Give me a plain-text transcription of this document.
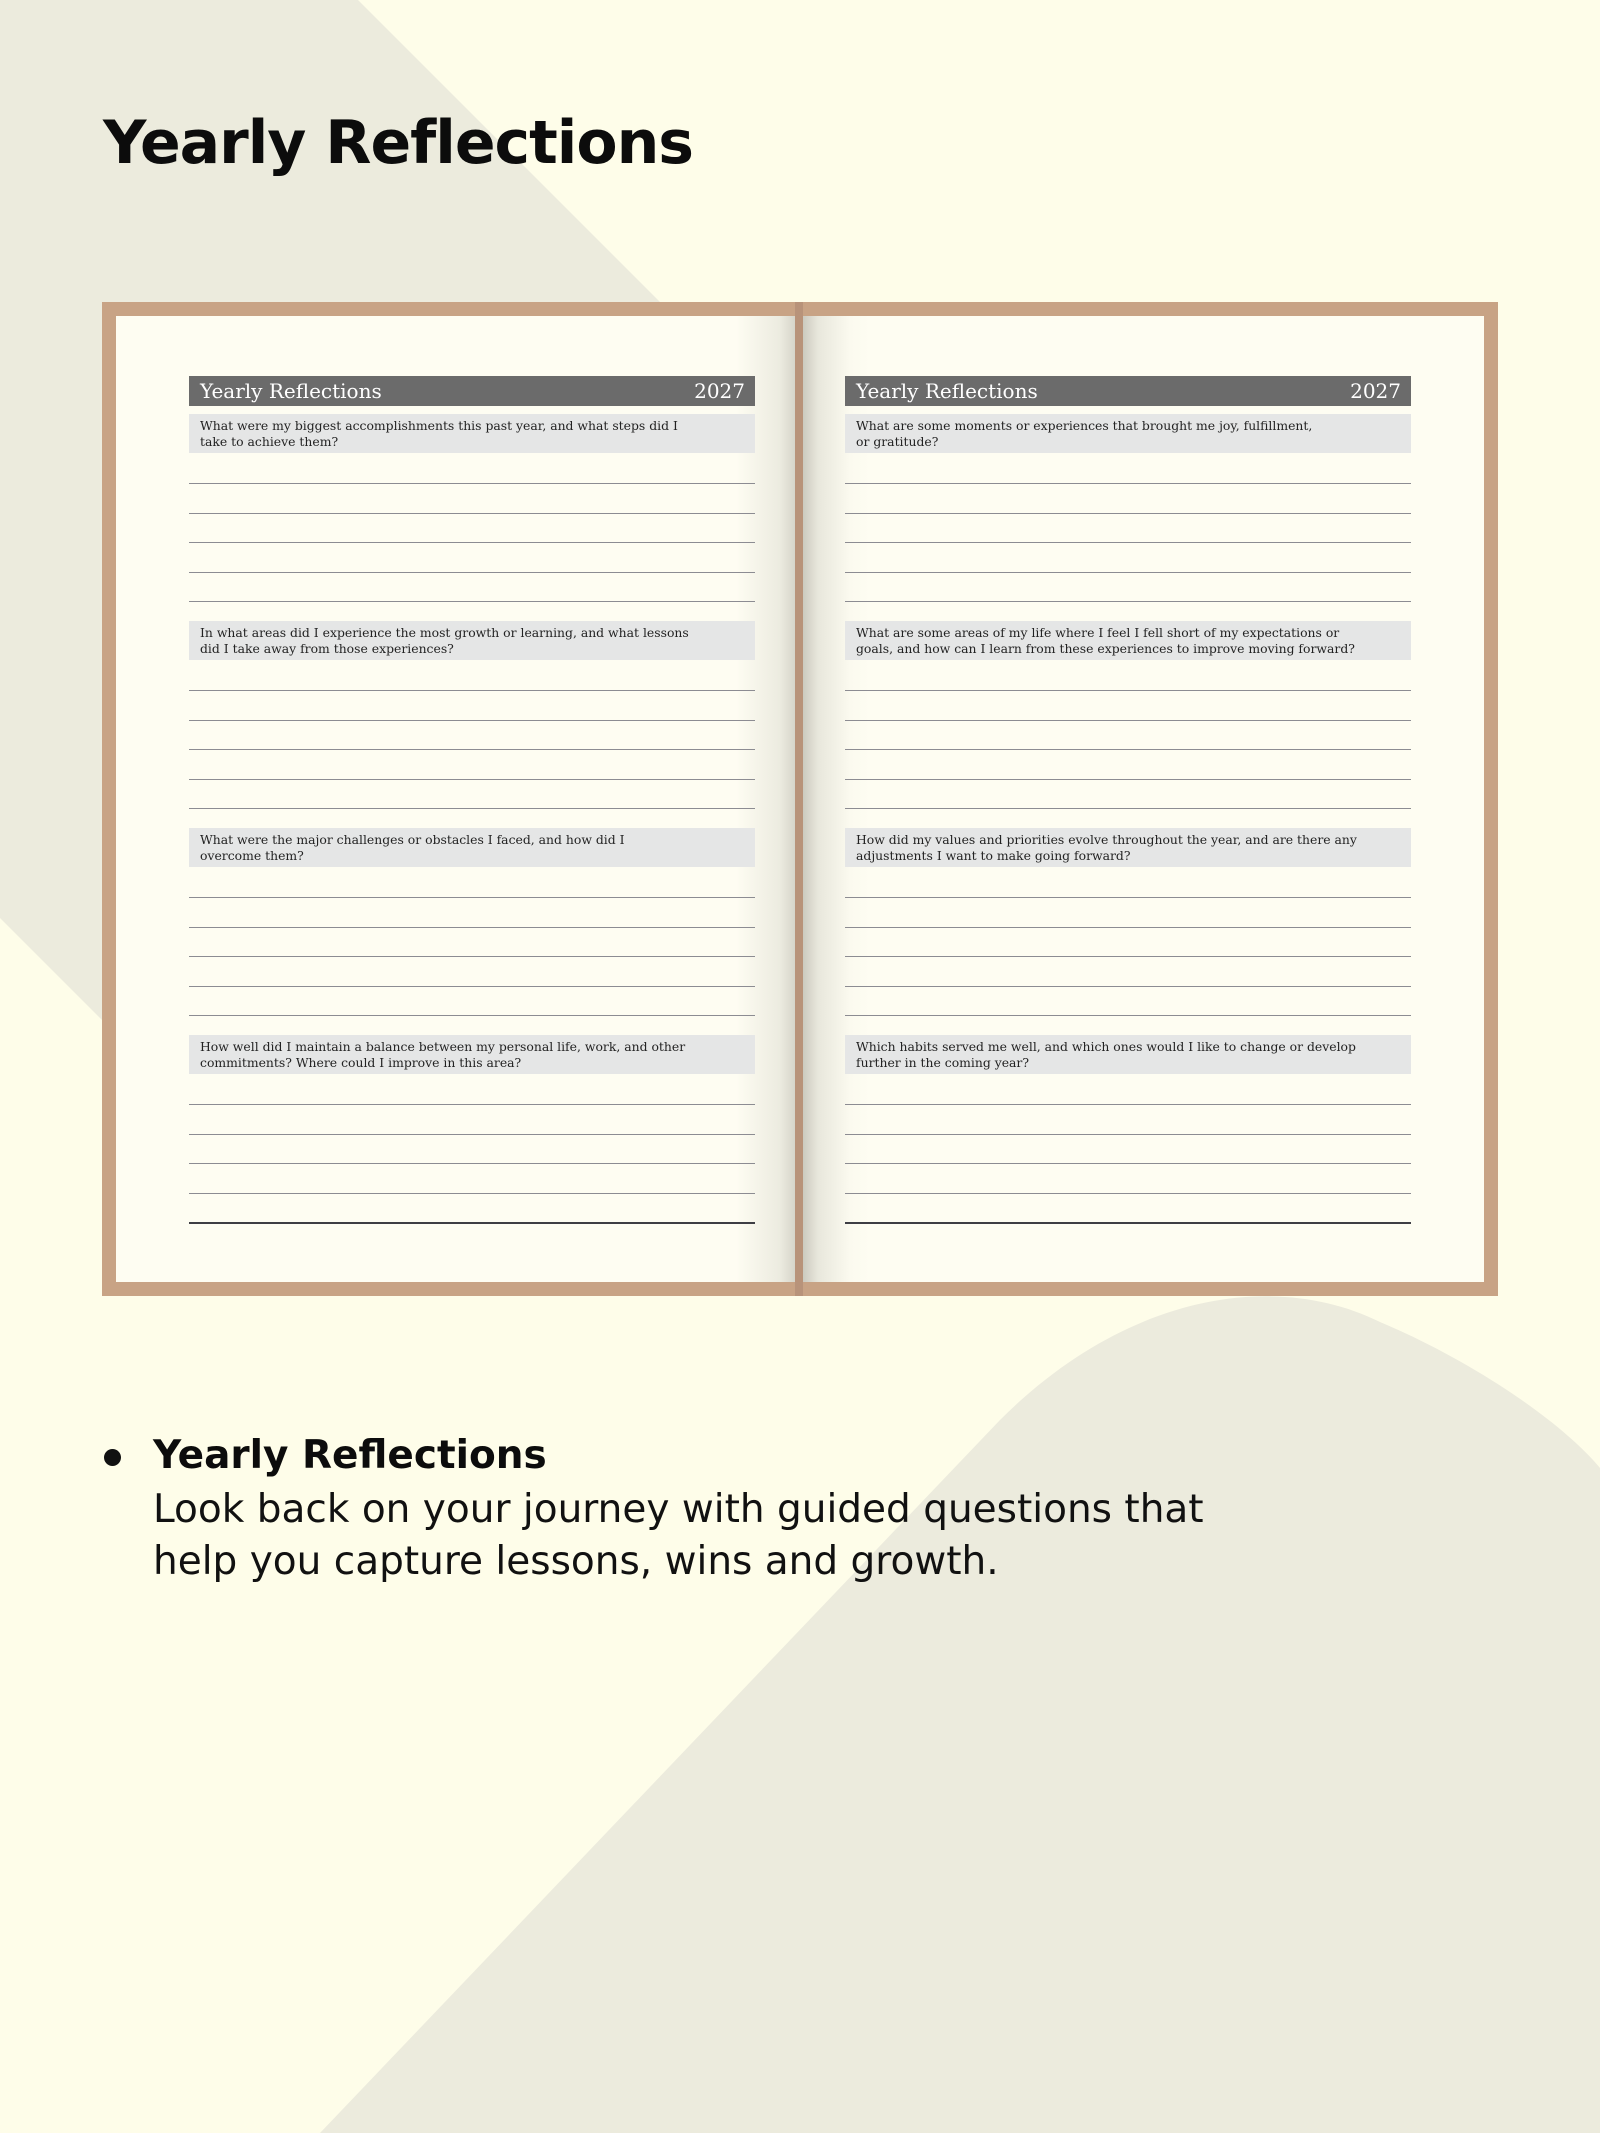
Yearly Reflections
Yearly Reflections	2027
What were my biggest accomplishments this past year, and what steps did I
take to achieve them?
In what areas did I experience the most growth or learning, and what lessons
did I take away from those experiences?
What were the major challenges or obstacles I faced, and how did I
overcome them?
How well did I maintain a balance between my personal life, work, and other
commitments? Where could I improve in this area?
Yearly Reflections	2027
What are some moments or experiences that brought me joy, fulfillment,
or gratitude?
What are some areas of my life where I feel I fell short of my expectations or
goals, and how can I learn from these experiences to improve moving forward?
How did my values and priorities evolve throughout the year, and are there any
adjustments I want to make going forward?
Which habits served me well, and which ones would I like to change or develop
further in the coming year?
Yearly Reflections
Look back on your journey with guided questions that
help you capture lessons, wins and growth.
